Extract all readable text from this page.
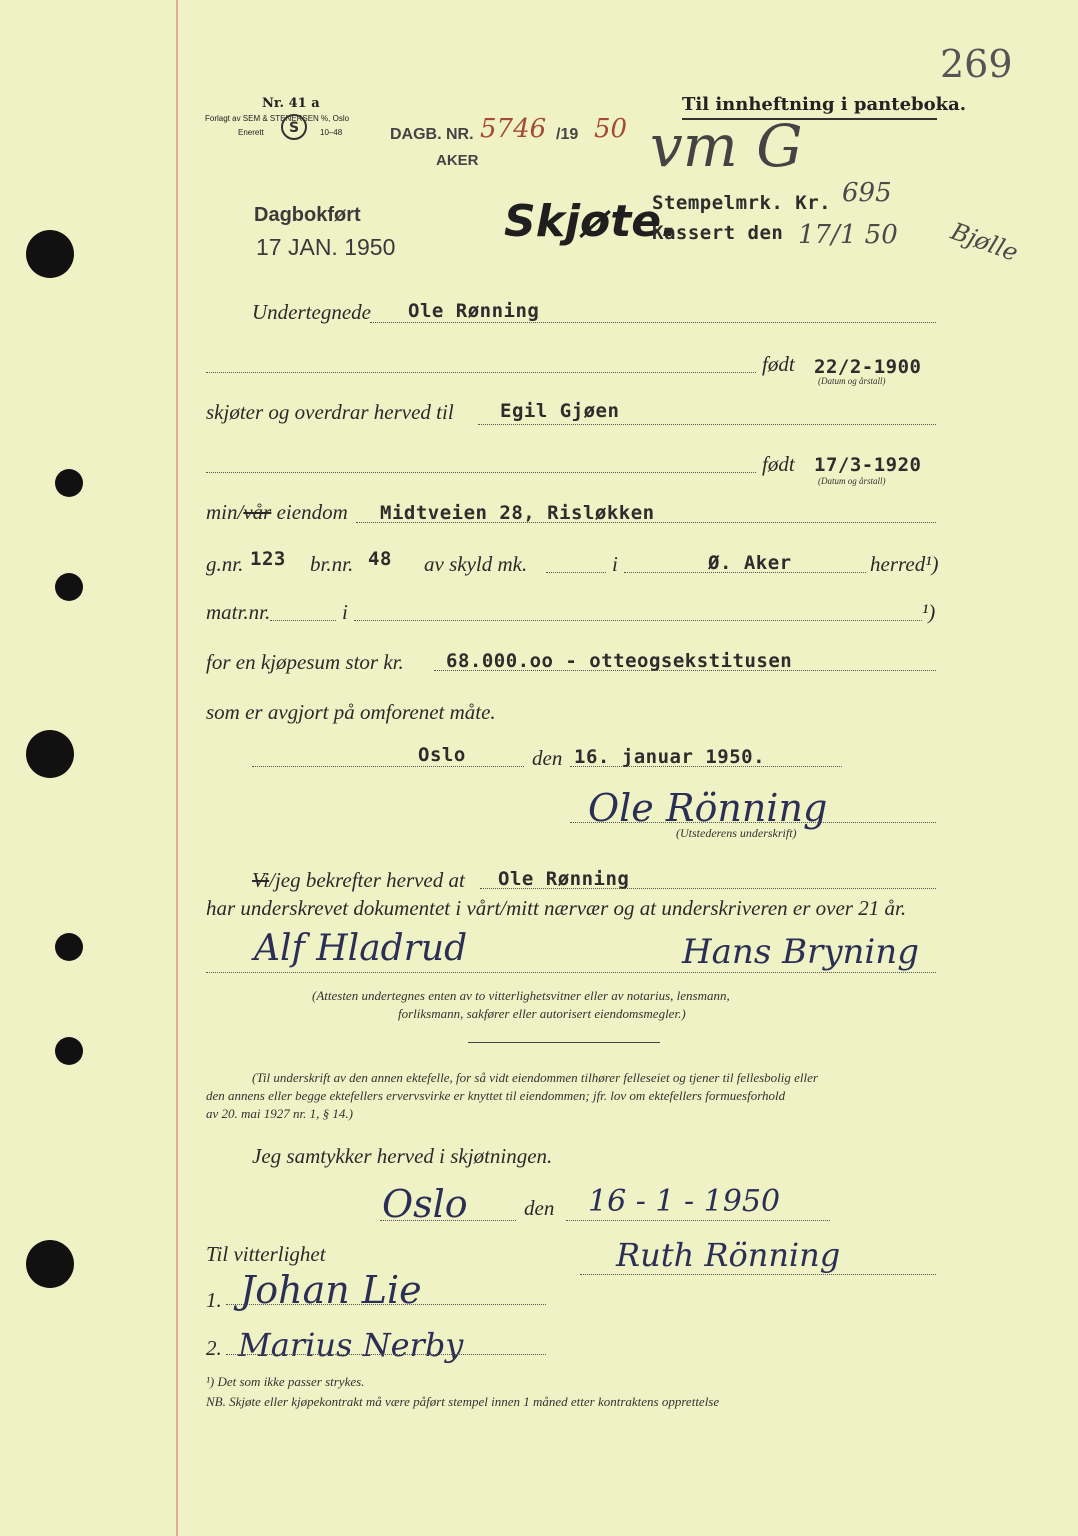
269
Nr. 41 a
Forlagt av SEM & STENERSEN %, Oslo
Enerett S	10–48
Til innheftning i panteboka.
DAGB. NR. 5746 /19 50
AKER	vm G
Dagbokført
17 JAN. 1950 Skjøte.
Stempelmrk. Kr. 695
Kassert den 17/1 50 Bjølle
Undertegnede Ole Rønning
født 22/2-1900
(Datum og årstall)
skjøter og overdrar herved til Egil Gjøen
født 17/3-1920
(Datum og årstall)
min/vår eiendom Midtveien 28, Risløkken
g.nr. 123 br.nr. 48 av skyld mk.	i	Ø. Aker	herred¹)
matr.nr.	i	¹)
for en kjøpesum stor kr. 68.000.oo - otteogsekstitusen
som er avgjort på omforenet måte.
Oslo	den 16. januar 1950.
Ole Rönning
(Utstederens underskrift)
Vi/jeg bekrefter herved at Ole Rønning
har underskrevet dokumentet i vårt/mitt nærvær og at underskriveren er over 21 år.
Alf Hladrud	Hans Bryning
(Attesten undertegnes enten av to vitterlighetsvitner eller av notarius, lensmann,
forliksmann, sakfører eller autorisert eiendomsmegler.)
(Til underskrift av den annen ektefelle, for så vidt eiendommen tilhører felleseiet og tjener til fellesbolig eller
den annens eller begge ektefellers ervervsvirke er knyttet til eiendommen; jfr. lov om ektefellers formuesforhold
av 20. mai 1927 nr. 1, § 14.)
Jeg samtykker herved i skjøtningen.
Oslo	den 16 - 1 - 1950
Til vitterlighet	Ruth Rönning
1. Johan Lie
2. Marius Nerby
¹) Det som ikke passer strykes.
NB. Skjøte eller kjøpekontrakt må være påført stempel innen 1 måned etter kontraktens opprettelse
